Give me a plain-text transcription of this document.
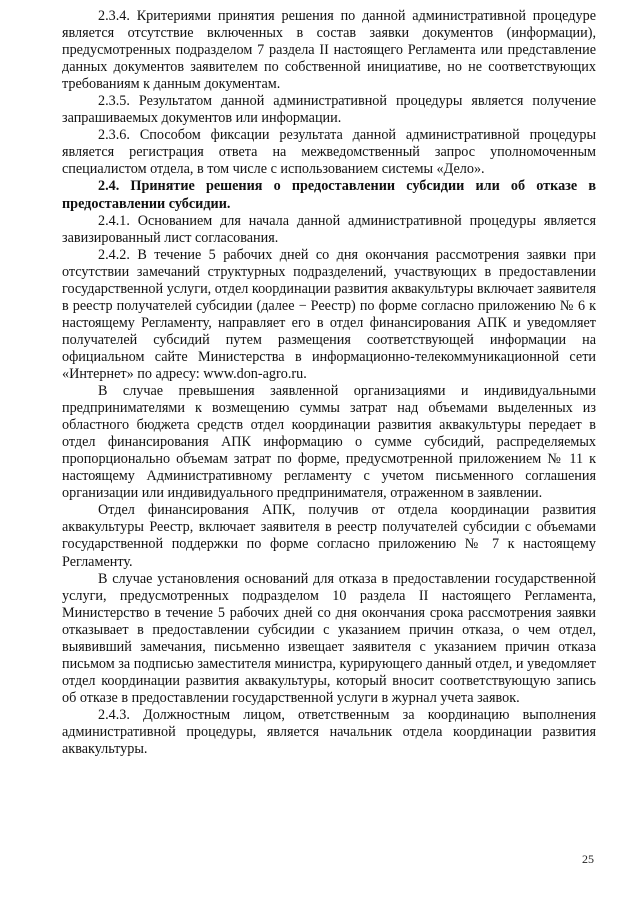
2.3.4. Критериями принятия решения по данной административной процедуре является отсутствие включенных в состав заявки документов (информации), предусмотренных подразделом 7 раздела II настоящего Регламента или представление данных документов заявителем по собственной инициативе, но не соответствующих требованиям к данным документам.

2.3.5. Результатом данной административной процедуры является получение запрашиваемых документов или информации.

2.3.6. Способом фиксации результата данной административной процедуры является регистрация ответа на межведомственный запрос уполномоченным специалистом отдела, в том числе с использованием системы «Дело».

2.4. Принятие решения о предоставлении субсидии или об отказе в предоставлении субсидии.

2.4.1. Основанием для начала данной административной процедуры является завизированный лист согласования.

2.4.2. В течение 5 рабочих дней со дня окончания рассмотрения заявки при отсутствии замечаний структурных подразделений, участвующих в предоставлении государственной услуги, отдел координации развития аквакультуры включает заявителя в реестр получателей субсидии (далее − Реестр) по форме согласно приложению № 6 к настоящему Регламенту, направляет его в отдел финансирования АПК и уведомляет получателей субсидий путем размещения соответствующей информации на официальном сайте Министерства в информационно-телекоммуникационной сети «Интернет» по адресу: www.don-agro.ru.

В случае превышения заявленной организациями и индивидуальными предпринимателями к возмещению суммы затрат над объемами выделенных из областного бюджета средств отдел координации развития аквакультуры передает в отдел финансирования АПК информацию о сумме субсидий, распределяемых пропорционально объемам затрат по форме, предусмотренной приложением № 11 к настоящему Административному регламенту с учетом письменного соглашения организации или индивидуального предпринимателя, отраженном в заявлении.

Отдел финансирования АПК, получив от отдела координации развития аквакультуры Реестр, включает заявителя в реестр получателей субсидии с объемами государственной поддержки по форме согласно приложению № 7 к настоящему Регламенту.

В случае установления оснований для отказа в предоставлении государственной услуги, предусмотренных подразделом 10 раздела II настоящего Регламента, Министерство в течение 5 рабочих дней со дня окончания срока рассмотрения заявки отказывает в предоставлении субсидии с указанием причин отказа, о чем отдел, выявивший замечания, письменно извещает заявителя с указанием причин отказа письмом за подписью заместителя министра, курирующего данный отдел, и уведомляет отдел координации развития аквакультуры, который вносит соответствующую запись об отказе в предоставлении государственной услуги в журнал учета заявок.

2.4.3. Должностным лицом, ответственным за координацию выполнения административной процедуры, является начальник отдела координации развития аквакультуры.

25
